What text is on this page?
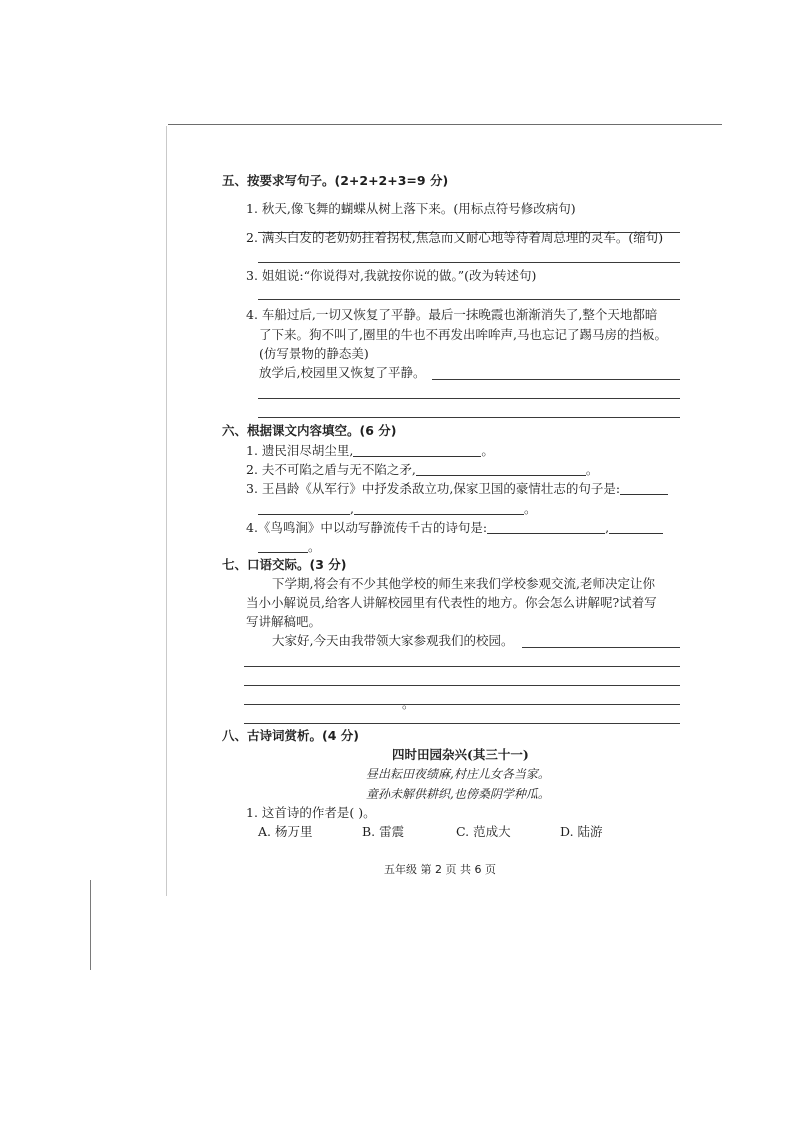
五、按要求写句子。(2+2+2+3=9 分)
1. 秋天,像飞舞的蝴蝶从树上落下来。(用标点符号修改病句)
2. 满头白发的老奶奶拄着拐杖,焦急而又耐心地等待着周总理的灵车。(缩句)
3. 姐姐说:“你说得对,我就按你说的做。”(改为转述句)
4. 车船过后,一切又恢复了平静。最后一抹晚霞也渐渐消失了,整个天地都暗
了下来。狗不叫了,圈里的牛也不再发出哞哞声,马也忘记了踢马房的挡板。
(仿写景物的静态美)
放学后,校园里又恢复了平静。
六、根据课文内容填空。(6 分)
1. 遗民泪尽胡尘里,	。
2. 夫不可陷之盾与无不陷之矛,	。
3. 王昌龄《从军行》中抒发杀敌立功,保家卫国的豪情壮志的句子是:
,	。
4.《鸟鸣涧》中以动写静流传千古的诗句是:	,
。
七、口语交际。(3 分)
下学期,将会有不少其他学校的师生来我们学校参观交流,老师决定让你
当小小解说员,给客人讲解校园里有代表性的地方。你会怎么讲解呢?试着写
写讲解稿吧。
大家好,今天由我带领大家参观我们的校园。
。
八、古诗词赏析。(4 分)
四时田园杂兴(其三十一)
昼出耘田夜绩麻,村庄儿女各当家。
童孙未解供耕织,也傍桑阴学种瓜。
1. 这首诗的作者是( )。
A. 杨万里	B. 雷震	C. 范成大	D. 陆游
五年级 第 2 页 共 6 页
